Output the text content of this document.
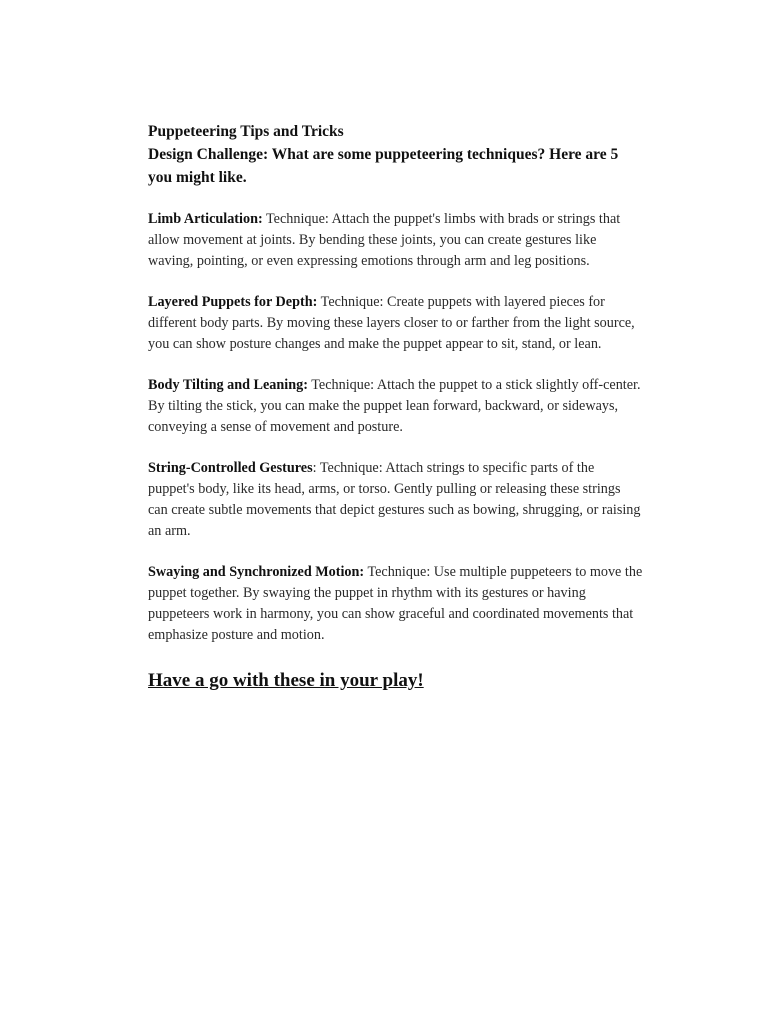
Puppeteering Tips and Tricks

Design Challenge: What are some puppeteering techniques? Here are 5 you might like.

Limb Articulation: Technique: Attach the puppet's limbs with brads or strings that allow movement at joints. By bending these joints, you can create gestures like waving, pointing, or even expressing emotions through arm and leg positions.

Layered Puppets for Depth: Technique: Create puppets with layered pieces for different body parts. By moving these layers closer to or farther from the light source, you can show posture changes and make the puppet appear to sit, stand, or lean.

Body Tilting and Leaning: Technique: Attach the puppet to a stick slightly off-center. By tilting the stick, you can make the puppet lean forward, backward, or sideways, conveying a sense of movement and posture.

String-Controlled Gestures: Technique: Attach strings to specific parts of the puppet's body, like its head, arms, or torso. Gently pulling or releasing these strings can create subtle movements that depict gestures such as bowing, shrugging, or raising an arm.

Swaying and Synchronized Motion: Technique: Use multiple puppeteers to move the puppet together. By swaying the puppet in rhythm with its gestures or having puppeteers work in harmony, you can show graceful and coordinated movements that emphasize posture and motion.

Have a go with these in your play!
